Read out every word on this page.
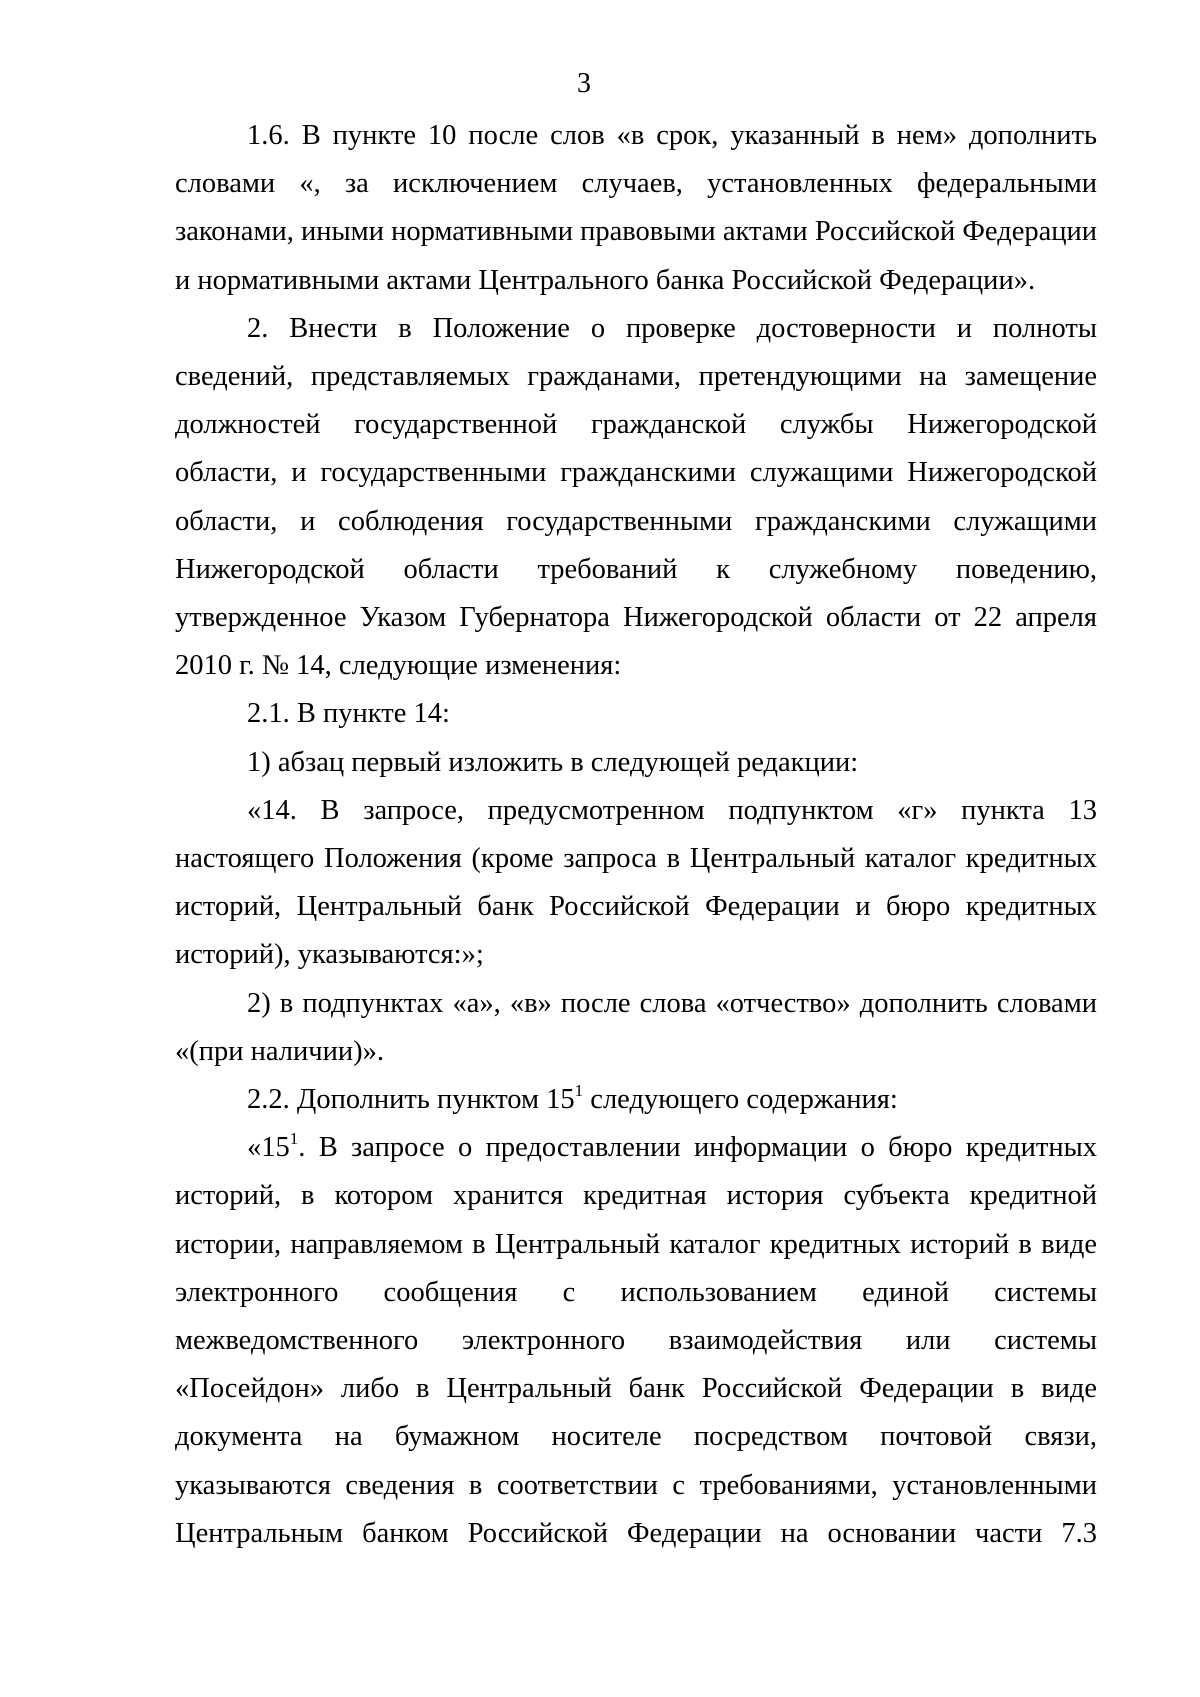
3

1.6. В пункте 10 после слов «в срок, указанный в нем» дополнить словами «, за исключением случаев, установленных федеральными законами, иными нормативными правовыми актами Российской Федерации и нормативными актами Центрального банка Российской Федерации».

2. Внести в Положение о проверке достоверности и полноты сведений, представляемых гражданами, претендующими на замещение должностей государственной гражданской службы Нижегородской области, и государственными гражданскими служащими Нижегородской области, и соблюдения государственными гражданскими служащими Нижегородской области требований к служебному поведению, утвержденное Указом Губернатора Нижегородской области от 22 апреля 2010 г. № 14, следующие изменения:

2.1. В пункте 14:

1) абзац первый изложить в следующей редакции:

«14. В запросе, предусмотренном подпунктом «г» пункта 13 настоящего Положения (кроме запроса в Центральный каталог кредитных историй, Центральный банк Российской Федерации и бюро кредитных историй), указываются:»;

2) в подпунктах «а», «в» после слова «отчество» дополнить словами «(при наличии)».

2.2. Дополнить пунктом $15^1$ следующего содержания:

«$15^1$. В запросе о предоставлении информации о бюро кредитных историй, в котором хранится кредитная история субъекта кредитной истории, направляемом в Центральный каталог кредитных историй в виде электронного сообщения с использованием единой системы межведомственного электронного взаимодействия или системы «Посейдон» либо в Центральный банк Российской Федерации в виде документа на бумажном носителе посредством почтовой связи, указываются сведения в соответствии с требованиями, установленными Центральным банком Российской Федерации на основании части 7.3
